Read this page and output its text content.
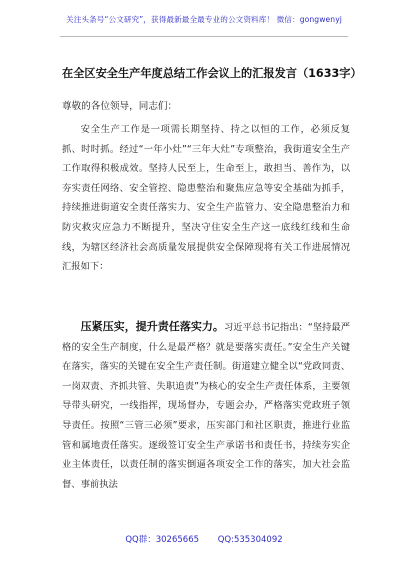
关注头条号“公文研究”，获得最新最全最专业的公文资料库！ 微信：gongwenyj
在全区安全生产年度总结工作会议上的汇报发言（1633字）
尊敬的各位领导，同志们：

安全生产工作是一项需长期坚持、持之以恒的工作，必须反复抓、时时抓。经过“一年小灶”“三年大灶”专项整治，我街道安全生产工作取得积极成效。坚持人民至上，生命至上，敢担当、善作为，以夯实责任网络、安全管控、隐患整治和聚焦应急等安全基础为抓手，持续推进街道安全责任落实力、安全生产监管力、安全隐患整治力和防灾救灾应急力不断提升，坚决守住安全生产这一底线红线和生命线，为辖区经济社会高质量发展提供安全保障现将有关工作进展情况汇报如下：

压紧压实，提升责任落实力。习近平总书记指出：“坚持最严格的安全生产制度，什么是最严格？就是要落实责任。”安全生产关键在落实，落实的关键在安全生产责任制。街道建立健全以“党政同责、一岗双责、齐抓共管、失职追责”为核心的安全生产责任体系，主要领导带头研究，一线指挥，现场督办，专题会办，严格落实党政班子领导责任。按照“三管三必须”要求，压实部门和社区职责，推进行业监管和属地责任落实。逐级签订安全生产承诺书和责任书，持续夯实企业主体责任，以责任制的落实倒逼各项安全工作的落实，加大社会监督、事前执法

QQ群：30265665 QQ:535304092
